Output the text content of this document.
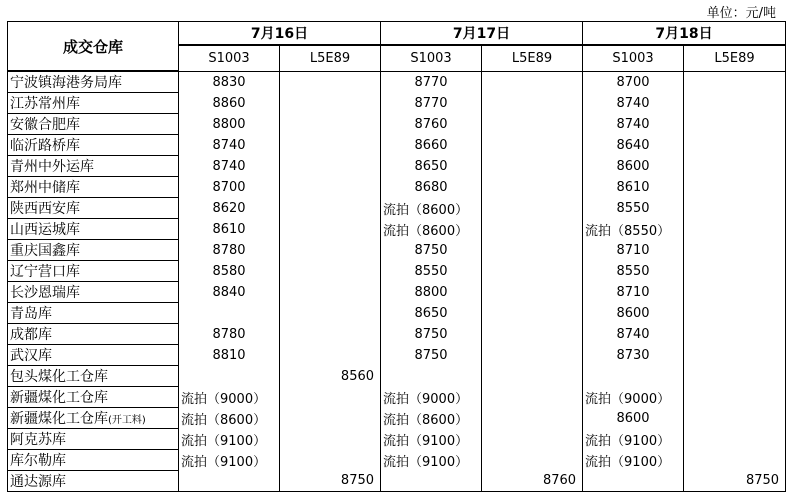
单位：元/吨
成交仓库	7月16日		7月17日		7月18日	
	S1003	L5E89	S1003	L5E89	S1003	L5E89
宁波镇海港务局库	8830		8770		8700	
江苏常州库	8860		8770		8740	
安徽合肥库	8800		8760		8740	
临沂路桥库	8740		8660		8640	
青州中外运库	8740		8650		8600	
郑州中储库	8700		8680		8610	
陕西西安库	8620		流拍（8600）		8550	
山西运城库	8610		流拍（8600）		流拍（8550）	
重庆国鑫库	8780		8750		8710	
辽宁营口库	8580		8550		8550	
长沙恩瑞库	8840		8800		8710	
青岛库			8650		8600	
成都库	8780		8750		8740	
武汉库	8810		8750		8730	
包头煤化工仓库		8560				
新疆煤化工仓库	流拍（9000）		流拍（9000）		流拍（9000）	
新疆煤化工仓库(开工料)	流拍（8600）		流拍（8600）		8600	
阿克苏库	流拍（9100）		流拍（9100）		流拍（9100）	
库尔勒库	流拍（9100）		流拍（9100）		流拍（9100）	
通达源库		8750		8760		8750
